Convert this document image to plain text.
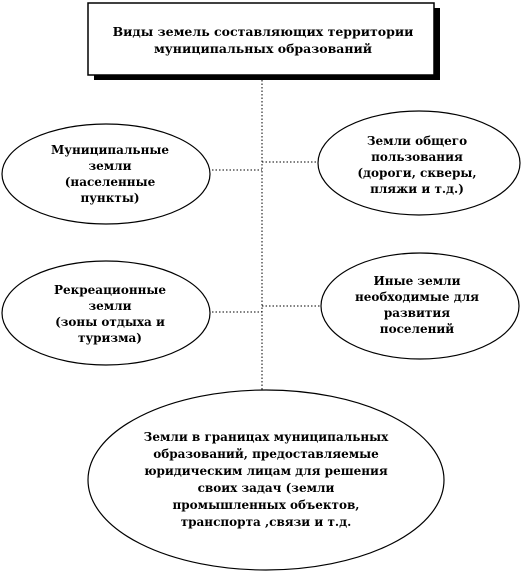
Виды земель составляющих территории
муниципальных образований
Муниципальные
земли
(населенные
пункты)
Земли общего
пользования
(дороги, скверы,
пляжи и т.д.)
Рекреационные
земли
(зоны отдыха и
туризма)
Иные земли
необходимые для
развития
поселений
Земли в границах муниципальных
образований, предоставляемые
юридическим лицам для решения
своих задач (земли
промышленных объектов,
транспорта ,связи и т.д.
